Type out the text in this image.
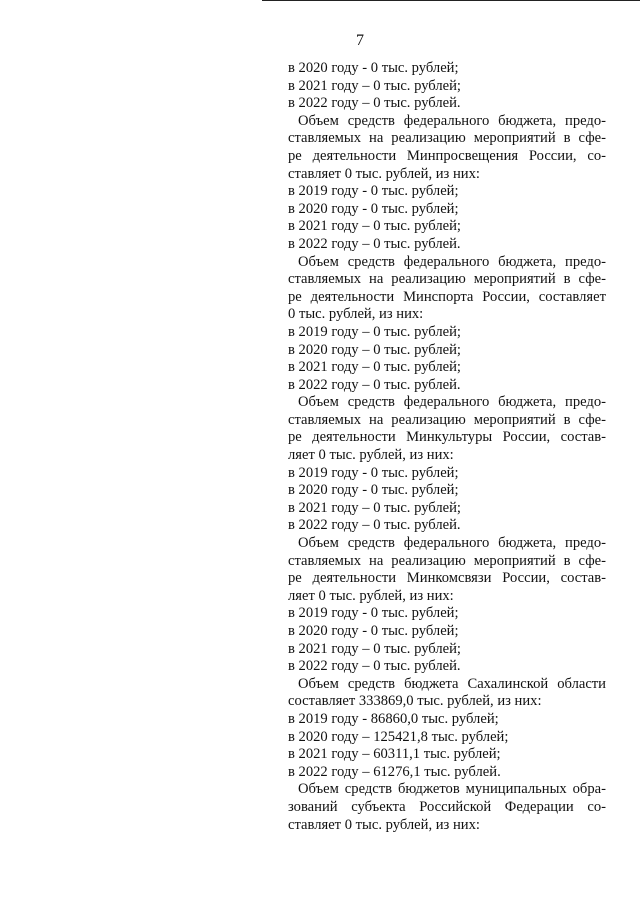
7
в 2020 году - 0 тыс. рублей;
в 2021 году – 0 тыс. рублей;
в 2022 году – 0 тыс. рублей.
Объем средств федерального бюджета, предо-
ставляемых на реализацию мероприятий в сфе-
ре деятельности Минпросвещения России, со-
ставляет 0 тыс. рублей, из них:
в 2019 году - 0 тыс. рублей;
в 2020 году - 0 тыс. рублей;
в 2021 году – 0 тыс. рублей;
в 2022 году – 0 тыс. рублей.
Объем средств федерального бюджета, предо-
ставляемых на реализацию мероприятий в сфе-
ре деятельности Минспорта России, составляет
0 тыс. рублей, из них:
в 2019 году – 0 тыс. рублей;
в 2020 году – 0 тыс. рублей;
в 2021 году – 0 тыс. рублей;
в 2022 году – 0 тыс. рублей.
Объем средств федерального бюджета, предо-
ставляемых на реализацию мероприятий в сфе-
ре деятельности Минкультуры России, состав-
ляет 0 тыс. рублей, из них:
в 2019 году - 0 тыс. рублей;
в 2020 году - 0 тыс. рублей;
в 2021 году – 0 тыс. рублей;
в 2022 году – 0 тыс. рублей.
Объем средств федерального бюджета, предо-
ставляемых на реализацию мероприятий в сфе-
ре деятельности Минкомсвязи России, состав-
ляет 0 тыс. рублей, из них:
в 2019 году - 0 тыс. рублей;
в 2020 году - 0 тыс. рублей;
в 2021 году – 0 тыс. рублей;
в 2022 году – 0 тыс. рублей.
Объем средств бюджета Сахалинской области
составляет 333869,0 тыс. рублей, из них:
в 2019 году - 86860,0 тыс. рублей;
в 2020 году – 125421,8 тыс. рублей;
в 2021 году – 60311,1 тыс. рублей;
в 2022 году – 61276,1 тыс. рублей.
Объем средств бюджетов муниципальных обра-
зований субъекта Российской Федерации со-
ставляет 0 тыс. рублей, из них:
